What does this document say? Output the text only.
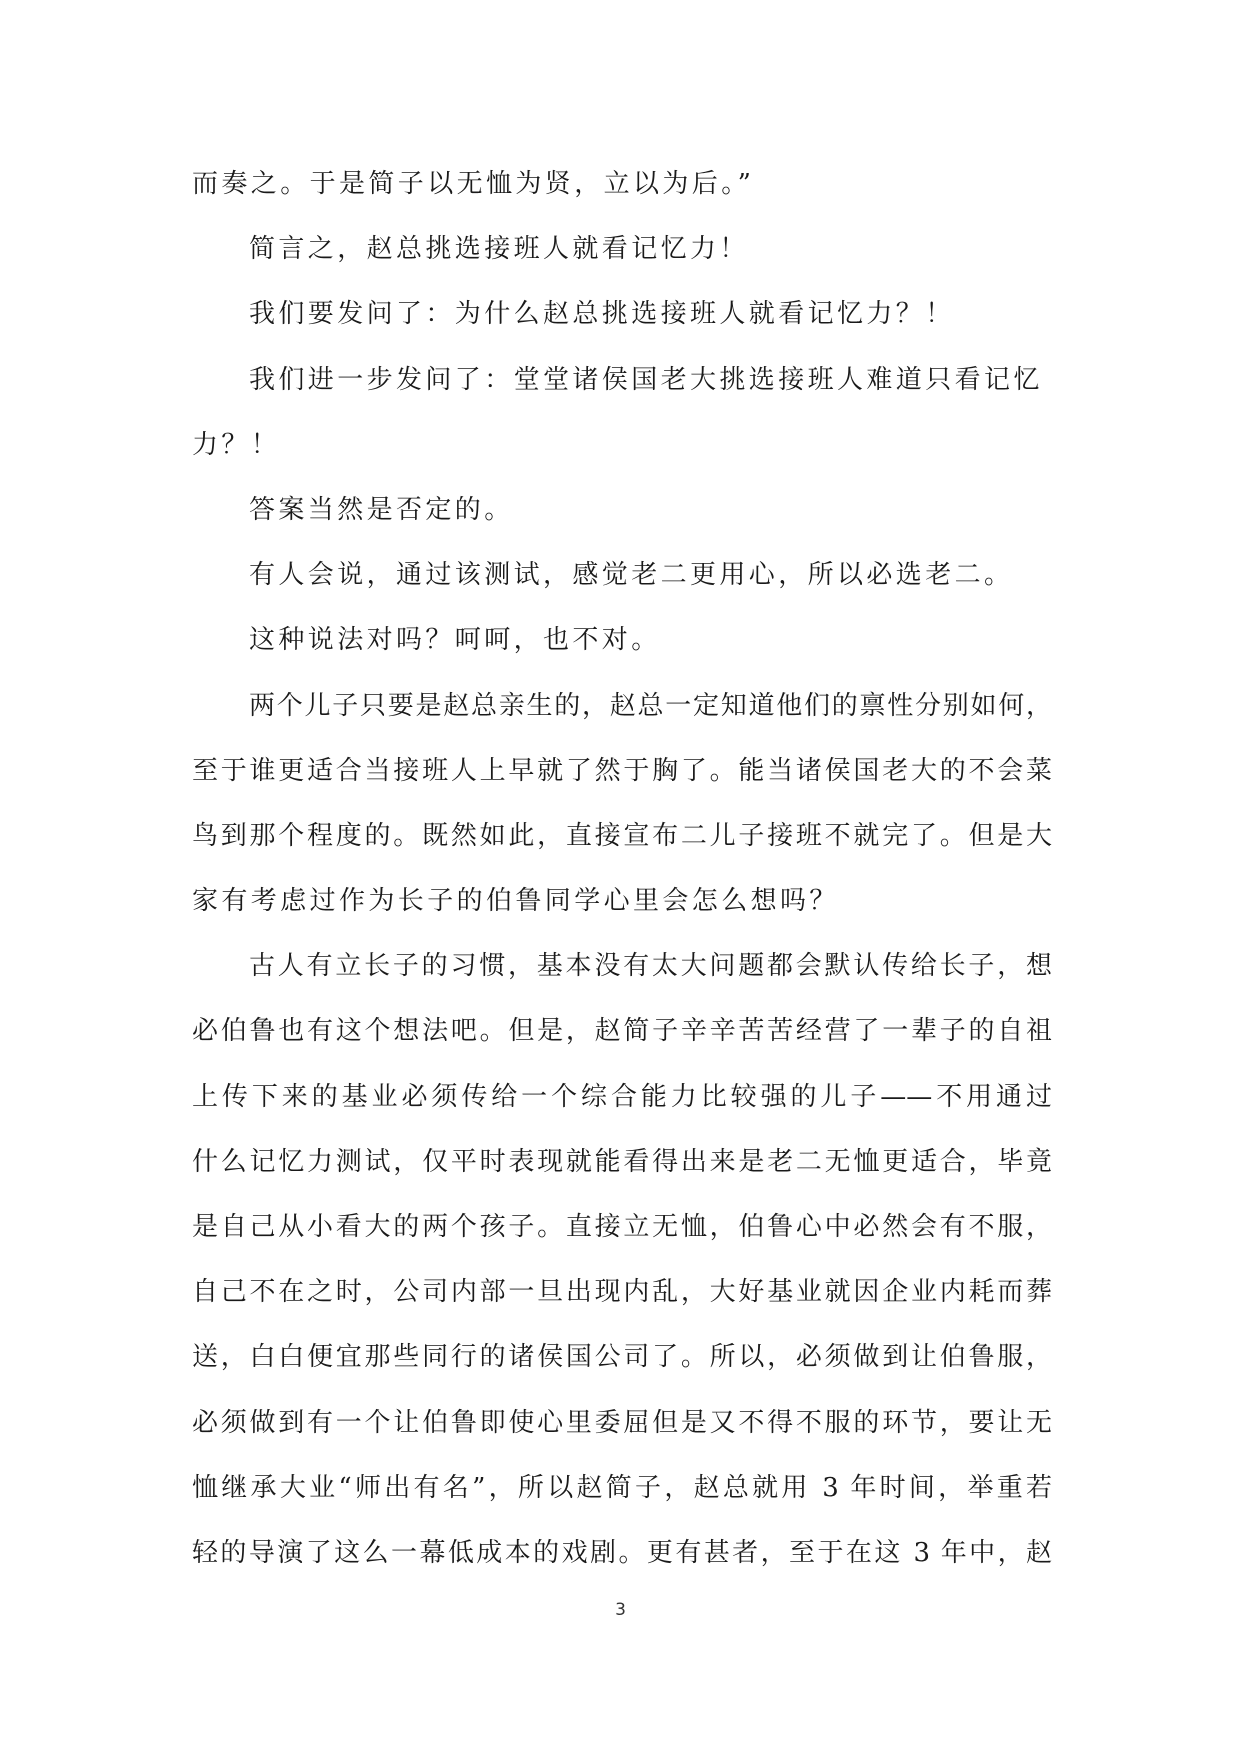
而奏之。于是简子以无恤为贤，立以为后。”
简言之，赵总挑选接班人就看记忆力！
我们要发问了：为什么赵总挑选接班人就看记忆力？！
我们进一步发问了：堂堂诸侯国老大挑选接班人难道只看记忆
力？！
答案当然是否定的。
有人会说，通过该测试，感觉老二更用心，所以必选老二。
这种说法对吗？呵呵，也不对。
两个儿子只要是赵总亲生的，赵总一定知道他们的禀性分别如何，
至于谁更适合当接班人上早就了然于胸了。能当诸侯国老大的不会菜
鸟到那个程度的。既然如此，直接宣布二儿子接班不就完了。但是大
家有考虑过作为长子的伯鲁同学心里会怎么想吗？
古人有立长子的习惯，基本没有太大问题都会默认传给长子，想
必伯鲁也有这个想法吧。但是，赵简子辛辛苦苦经营了一辈子的自祖
上传下来的基业必须传给一个综合能力比较强的儿子——不用通过
什么记忆力测试，仅平时表现就能看得出来是老二无恤更适合，毕竟
是自己从小看大的两个孩子。直接立无恤，伯鲁心中必然会有不服，
自己不在之时，公司内部一旦出现内乱，大好基业就因企业内耗而葬
送，白白便宜那些同行的诸侯国公司了。所以，必须做到让伯鲁服，
必须做到有一个让伯鲁即使心里委屈但是又不得不服的环节，要让无
恤继承大业“师出有名”，所以赵简子，赵总就用 3 年时间，举重若
轻的导演了这么一幕低成本的戏剧。更有甚者，至于在这 3 年中，赵
3
